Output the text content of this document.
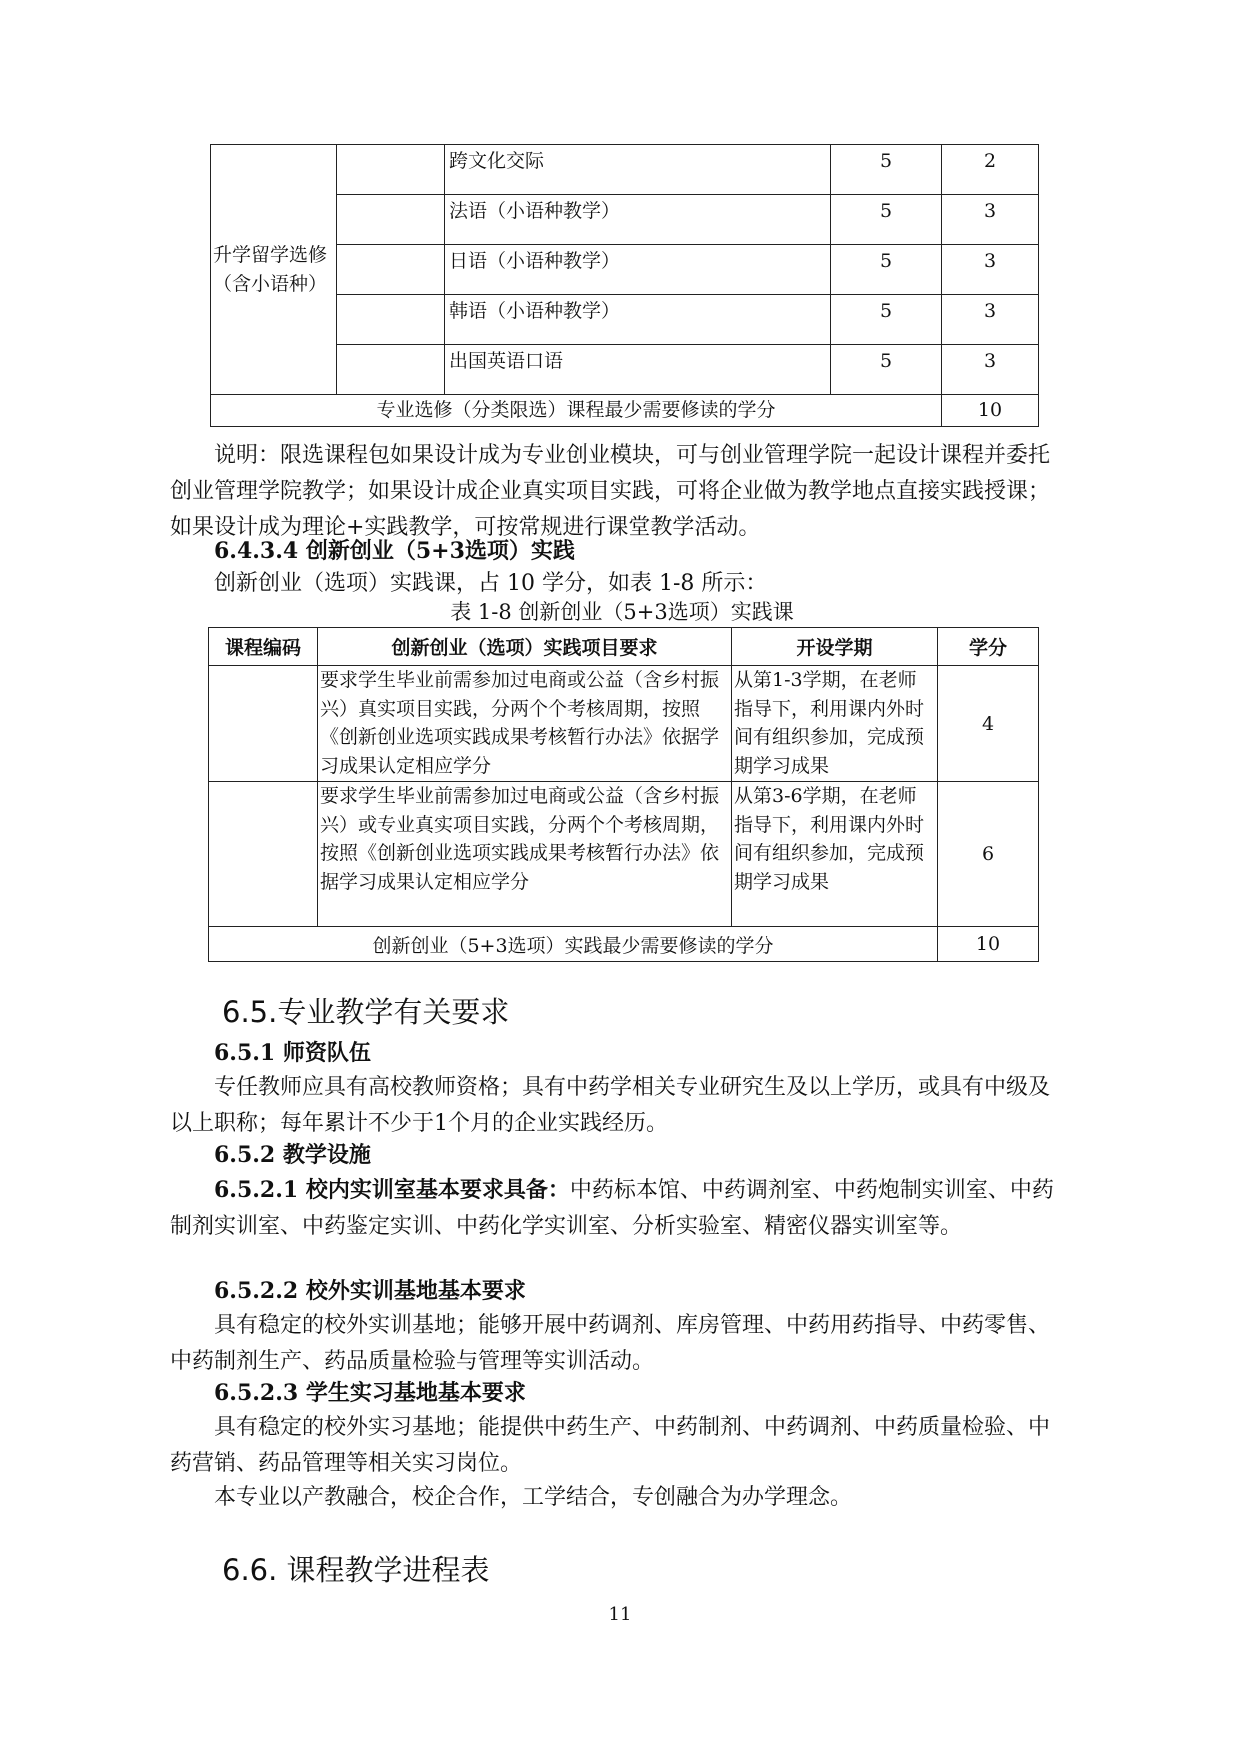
升学留学选修（含小语种）		跨文化交际	5	2
		法语（小语种教学）	5	3
		日语（小语种教学）	5	3
		韩语（小语种教学）	5	3
		出国英语口语	5	3
专业选修（分类限选）课程最少需要修读的学分				10
说明：限选课程包如果设计成为专业创业模块，可与创业管理学院一起设计课程并委托创业管理学院教学；如果设计成企业真实项目实践，可将企业做为教学地点直接实践授课；如果设计成为理论+实践教学，可按常规进行课堂教学活动。
6.4.3.4 创新创业（5+3选项）实践
创新创业（选项）实践课，占 10 学分，如表 1-8 所示：
表 1-8 创新创业（5+3选项）实践课
课程编码	创新创业（选项）实践项目要求	开设学期	学分
	要求学生毕业前需参加过电商或公益（含乡村振兴）真实项目实践，分两个个考核周期，按照《创新创业选项实践成果考核暂行办法》依据学习成果认定相应学分	从第1-3学期，在老师指导下，利用课内外时间有组织参加，完成预期学习成果	4
	要求学生毕业前需参加过电商或公益（含乡村振兴）或专业真实项目实践，分两个个考核周期，按照《创新创业选项实践成果考核暂行办法》依据学习成果认定相应学分	从第3-6学期，在老师指导下，利用课内外时间有组织参加，完成预期学习成果	6
创新创业（5+3选项）实践最少需要修读的学分			10
6.5.专业教学有关要求
6.5.1 师资队伍
专任教师应具有高校教师资格；具有中药学相关专业研究生及以上学历，或具有中级及以上职称；每年累计不少于1个月的企业实践经历。
6.5.2 教学设施
6.5.2.1 校内实训室基本要求具备：中药标本馆、中药调剂室、中药炮制实训室、中药制剂实训室、中药鉴定实训、中药化学实训室、分析实验室、精密仪器实训室等。
6.5.2.2 校外实训基地基本要求
具有稳定的校外实训基地；能够开展中药调剂、库房管理、中药用药指导、中药零售、中药制剂生产、药品质量检验与管理等实训活动。
6.5.2.3 学生实习基地基本要求
具有稳定的校外实习基地；能提供中药生产、中药制剂、中药调剂、中药质量检验、中药营销、药品管理等相关实习岗位。
本专业以产教融合，校企合作，工学结合，专创融合为办学理念。
6.6. 课程教学进程表
11
